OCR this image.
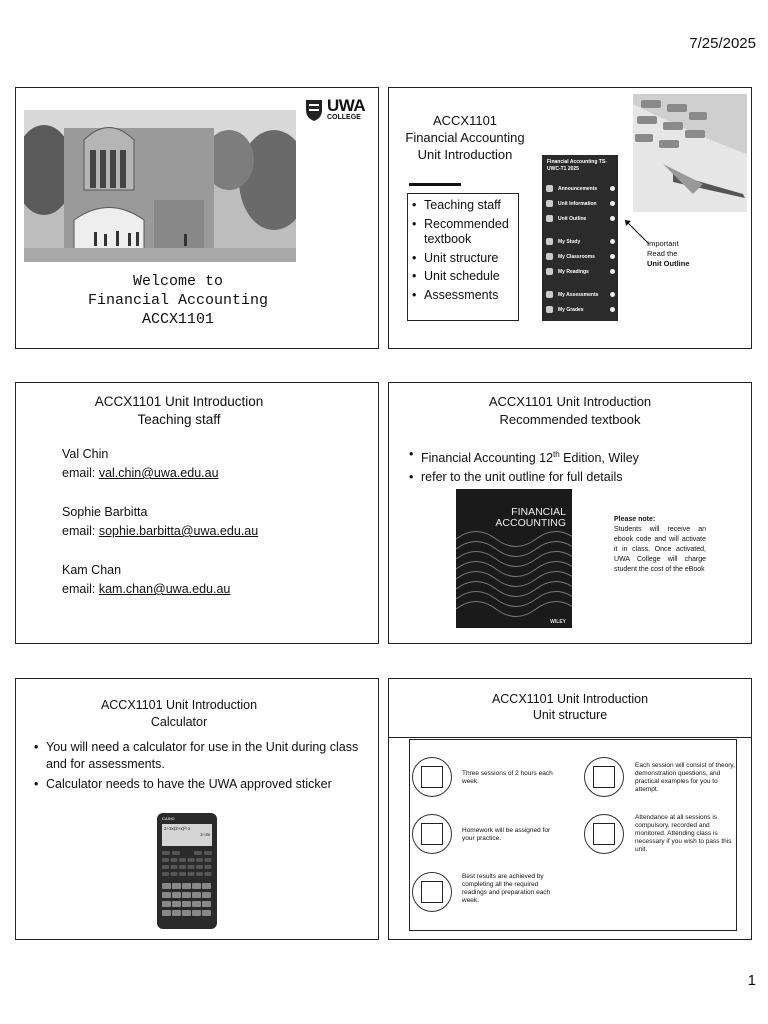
7/25/2025
UWA
COLLEGE
Welcome to
Financial Accounting
ACCX1101
ACCX1101
Financial Accounting
Unit Introduction
• Teaching staff
• Recommended textbook
• Unit structure
• Unit schedule
• Assessments
Financial Accounting TS-
UWC-T1 2025
Announcements
Unit Information
Unit Outline
My Study
My Classrooms
My Readings
My Assessments
My Grades
Important
Read the
Unit Outline
ACCX1101 Unit Introduction
Teaching staff
Val Chin
email: val.chin@uwa.edu.au
Sophie Barbitta
email: sophie.barbitta@uwa.edu.au
Kam Chan
email: kam.chan@uwa.edu.au
ACCX1101 Unit Introduction
Recommended textbook
• Financial Accounting 12th Edition, Wiley
• refer to the unit outline for full details
FINANCIAL
ACCOUNTING
WILEY
Please note:
Students will receive an ebook code and will activate it in class. Once activated, UWA College will charge student the cost of the eBook
ACCX1101 Unit Introduction
Calculator
• You will need a calculator for use in the Unit during class and for assessments.
• Calculator needs to have the UWA approved sticker
CASIO
2÷3x(2+x)²÷x
2÷3x
ACCX1101 Unit Introduction
Unit structure
Three sessions of 2 hours each week.
Each session will consist of theory, demonstration questions, and practical examples for you to attempt.
Homework will be assigned for your practice.
Attendance at all sessions is compulsory, recorded and monitored. Attending class is necessary if you wish to pass this unit.
Best results are achieved by completing all the required readings and preparation each week.
1
